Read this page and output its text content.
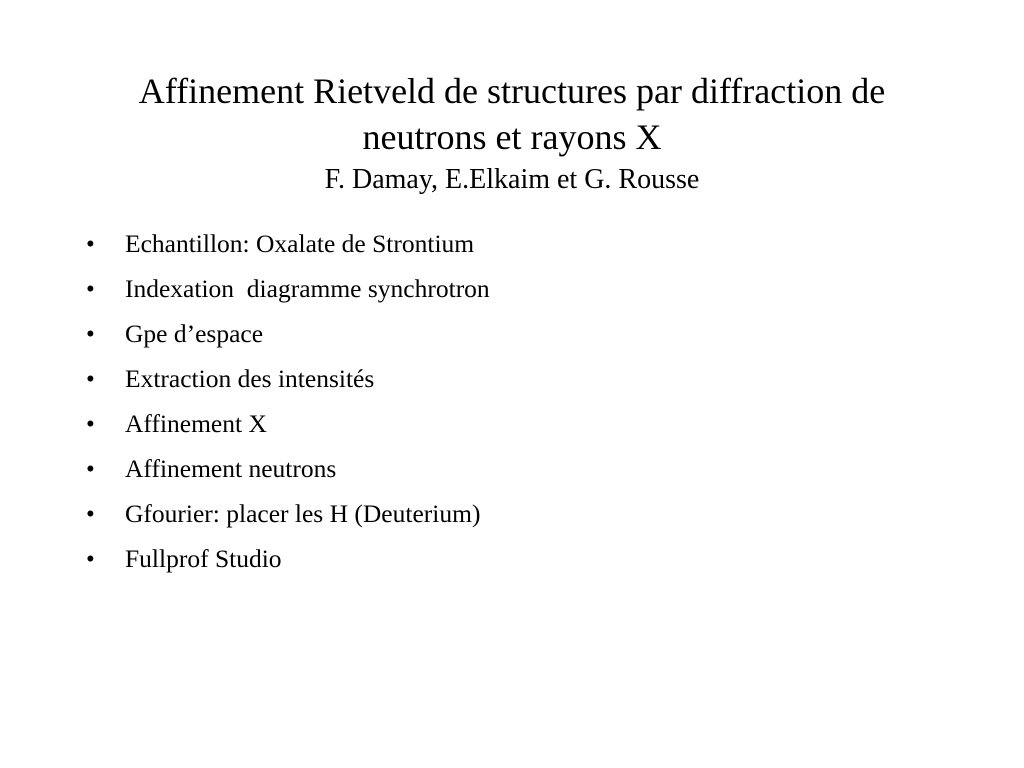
Affinement Rietveld de structures par diffraction de

neutrons et rayons X

F. Damay, E.Elkaim et G. Rousse

•	Echantillon: Oxalate de Strontium
•	Indexation  diagramme synchrotron
•	Gpe d’espace
•	Extraction des intensités
•	Affinement X
•	Affinement neutrons
•	Gfourier: placer les H (Deuterium)
•	Fullprof Studio
